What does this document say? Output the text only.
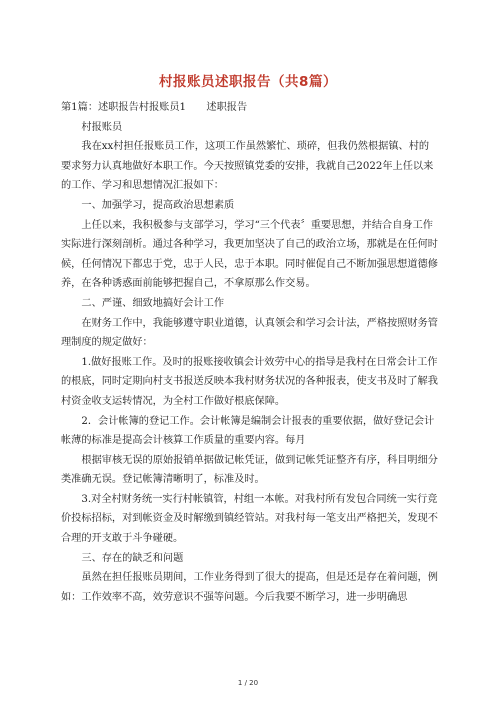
村报账员述职报告（共8篇）

第1篇：述职报告村报账员1　　述职报告

村报账员

我在xx村担任报账员工作，这项工作虽然繁忙、琐碎，但我仍然根据镇、村的要求努力认真地做好本职工作。今天按照镇党委的安排，我就自己2022年上任以来的工作、学习和思想情况汇报如下：

一、加强学习，提高政治思想素质

上任以来，我积极参与支部学习，学习“三个代表〞重要思想，并结合自身工作实际进行深刻剖析。通过各种学习，我更加坚决了自己的政治立场，那就是在任何时候，任何情况下都忠于党，忠于人民，忠于本职。同时催促自己不断加强思想道德修养，在各种诱惑面前能够把握自己，不拿原那么作交易。

二、严谨、细致地搞好会计工作

在财务工作中，我能够遵守职业道德，认真领会和学习会计法，严格按照财务管理制度的规定做好：

1.做好报账工作。及时的报账接收镇会计效劳中心的指导是我村在日常会计工作的根底，同时定期向村支书报送反映本我村财务状况的各种报表，使支书及时了解我村资金收支运转情况，为全村工作做好根底保障。

2．会计帐簿的登记工作。会计帐簿是编制会计报表的重要依据，做好登记会计帐薄的标准是提高会计核算工作质量的重要内容。每月

根据审核无误的原始报销单据做记帐凭证，做到记帐凭证整齐有序，科目明细分类准确无误。登记帐簿清晰明了，标准及时。

3.对全村财务统一实行村帐镇管，村组一本帐。对我村所有发包合同统一实行竞价投标招标，对到帐资金及时解缴到镇经管站。对我村每一笔支出严格把关，发现不合理的开支敢于斗争碰硬。

三、存在的缺乏和问题

虽然在担任报账员期间，工作业务得到了很大的提高，但是还是存在着问题，例如：工作效率不高，效劳意识不强等问题。今后我要不断学习，进一步明确思

1 / 20
